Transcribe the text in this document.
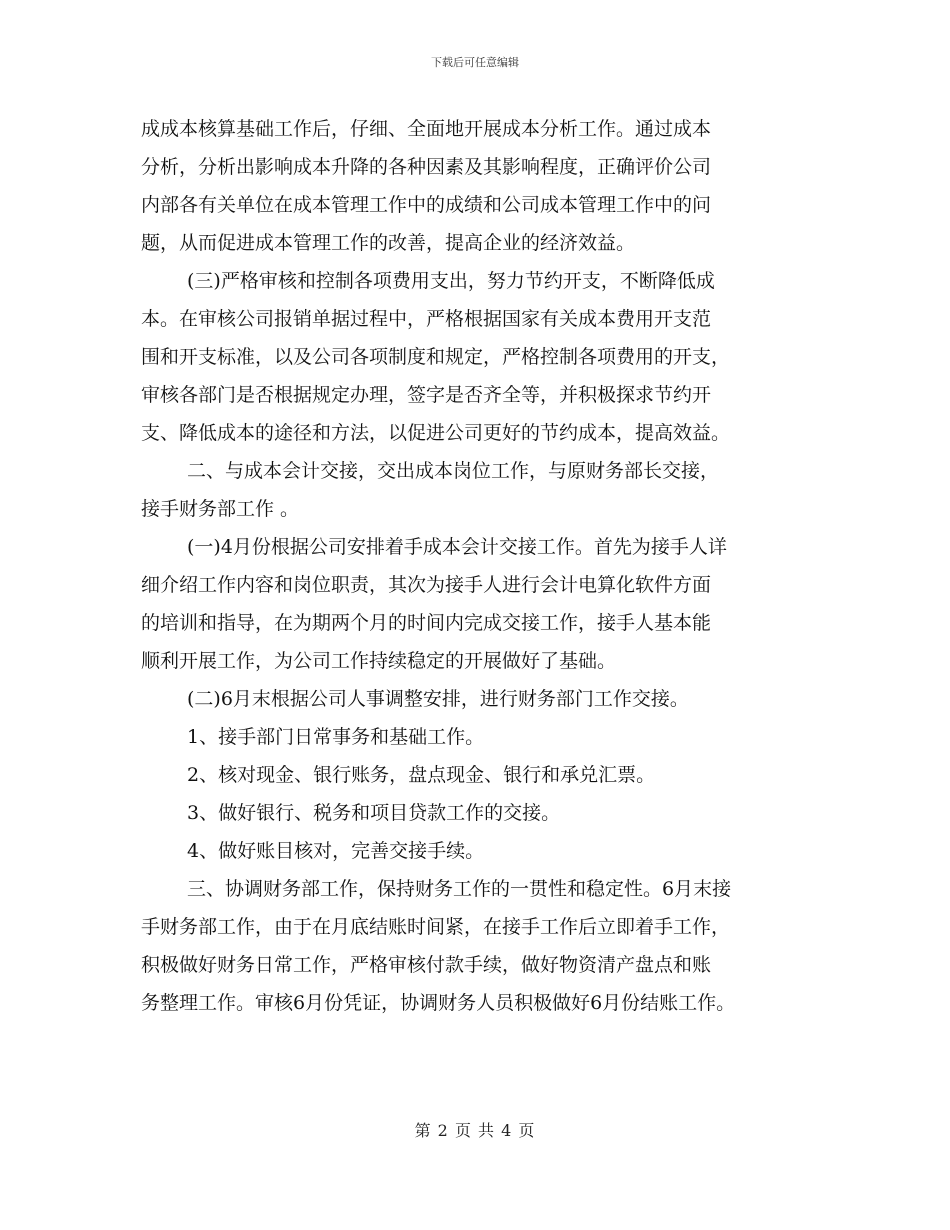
下载后可任意编辑
成成本核算基础工作后，仔细、全面地开展成本分析工作。通过成本
分析，分析出影响成本升降的各种因素及其影响程度，正确评价公司
内部各有关单位在成本管理工作中的成绩和公司成本管理工作中的问
题，从而促进成本管理工作的改善，提高企业的经济效益。
(三)严格审核和控制各项费用支出，努力节约开支，不断降低成
本。在审核公司报销单据过程中，严格根据国家有关成本费用开支范
围和开支标准，以及公司各项制度和规定，严格控制各项费用的开支，
审核各部门是否根据规定办理，签字是否齐全等，并积极探求节约开
支、降低成本的途径和方法，以促进公司更好的节约成本，提高效益。
二、与成本会计交接，交出成本岗位工作，与原财务部长交接，
接手财务部工作 。
(一)4月份根据公司安排着手成本会计交接工作。首先为接手人详
细介绍工作内容和岗位职责，其次为接手人进行会计电算化软件方面
的培训和指导，在为期两个月的时间内完成交接工作，接手人基本能
顺利开展工作，为公司工作持续稳定的开展做好了基础。
(二)6月末根据公司人事调整安排，进行财务部门工作交接。
1、接手部门日常事务和基础工作。
2、核对现金、银行账务，盘点现金、银行和承兑汇票。
3、做好银行、税务和项目贷款工作的交接。
4、做好账目核对，完善交接手续。
三、协调财务部工作，保持财务工作的一贯性和稳定性。6月末接
手财务部工作，由于在月底结账时间紧，在接手工作后立即着手工作，
积极做好财务日常工作，严格审核付款手续，做好物资清产盘点和账
务整理工作。审核6月份凭证，协调财务人员积极做好6月份结账工作。
第 2 页 共 4 页
